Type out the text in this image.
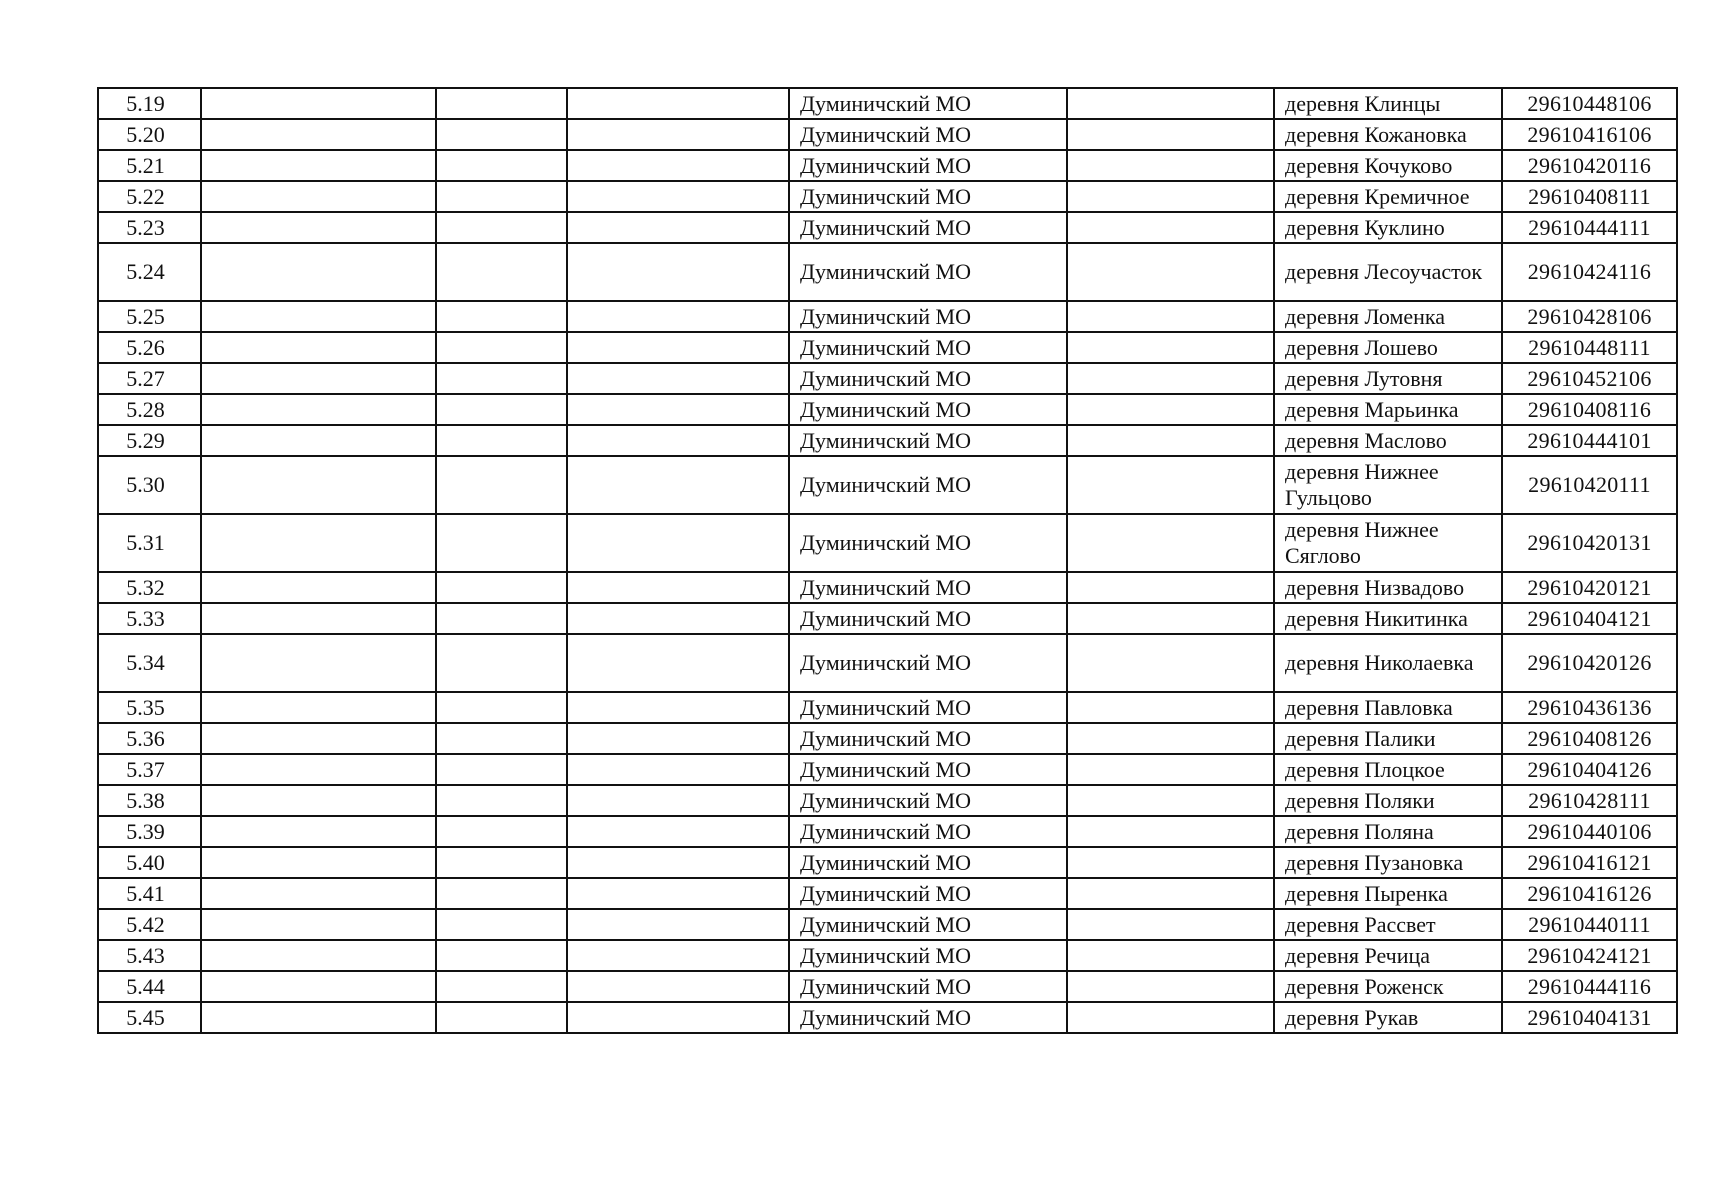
5.19				Думиничский МО		деревня Клинцы	29610448106
5.20				Думиничский МО		деревня Кожановка	29610416106
5.21				Думиничский МО		деревня Кочуково	29610420116
5.22				Думиничский МО		деревня Кремичное	29610408111
5.23				Думиничский МО		деревня Куклино	29610444111
5.24				Думиничский МО		деревня Лесоучасток	29610424116
5.25				Думиничский МО		деревня Ломенка	29610428106
5.26				Думиничский МО		деревня Лошево	29610448111
5.27				Думиничский МО		деревня Лутовня	29610452106
5.28				Думиничский МО		деревня Марьинка	29610408116
5.29				Думиничский МО		деревня Маслово	29610444101
5.30				Думиничский МО		деревня Нижнее Гульцово	29610420111
5.31				Думиничский МО		деревня Нижнее Сяглово	29610420131
5.32				Думиничский МО		деревня Низвадово	29610420121
5.33				Думиничский МО		деревня Никитинка	29610404121
5.34				Думиничский МО		деревня Николаевка	29610420126
5.35				Думиничский МО		деревня Павловка	29610436136
5.36				Думиничский МО		деревня Палики	29610408126
5.37				Думиничский МО		деревня Плоцкое	29610404126
5.38				Думиничский МО		деревня Поляки	29610428111
5.39				Думиничский МО		деревня Поляна	29610440106
5.40				Думиничский МО		деревня Пузановка	29610416121
5.41				Думиничский МО		деревня Пыренка	29610416126
5.42				Думиничский МО		деревня Рассвет	29610440111
5.43				Думиничский МО		деревня Речица	29610424121
5.44				Думиничский МО		деревня Роженск	29610444116
5.45				Думиничский МО		деревня Рукав	29610404131
